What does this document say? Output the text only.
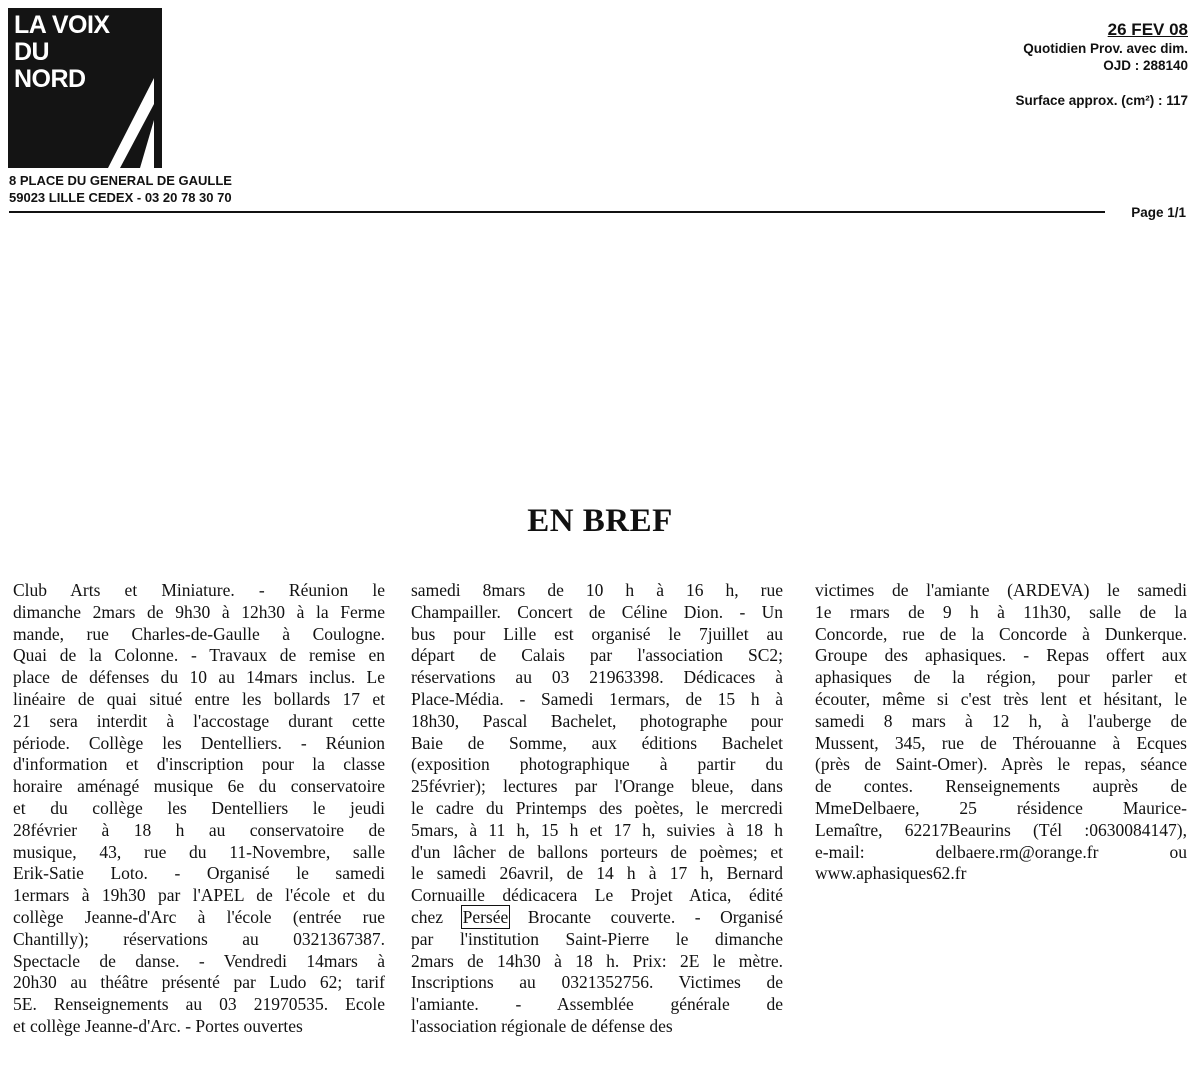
LA VOIX
DU
NORD
8 PLACE DU GENERAL DE GAULLE
59023 LILLE CEDEX - 03 20 78 30 70
26 FEV 08
Quotidien Prov. avec dim.
OJD : 288140
Surface approx. (cm²) : 117
Page 1/1
EN BREF

Club Arts et Miniature. - Réunion le

dimanche 2mars de 9h30 à 12h30 à la Ferme

mande, rue Charles-de-Gaulle à Coulogne.

Quai de la Colonne. - Travaux de remise en

place de défenses du 10 au 14mars inclus. Le

linéaire de quai situé entre les bollards 17 et

21 sera interdit à l'accostage durant cette

période. Collège les Dentelliers. - Réunion

d'information et d'inscription pour la classe

horaire aménagé musique 6e du conservatoire

et du collège les Dentelliers le jeudi

28février à 18 h au conservatoire de

musique, 43, rue du 11-Novembre, salle

Erik-Satie Loto. - Organisé le samedi

1ermars à 19h30 par l'APEL de l'école et du

collège Jeanne-d'Arc à l'école (entrée rue

Chantilly); réservations au 0321367387.

Spectacle de danse. - Vendredi 14mars à

20h30 au théâtre présenté par Ludo 62; tarif

5E. Renseignements au 03 21970535. Ecole

et collège Jeanne-d'Arc. - Portes ouvertes

samedi 8mars de 10 h à 16 h, rue

Champailler. Concert de Céline Dion. - Un

bus pour Lille est organisé le 7juillet au

départ de Calais par l'association SC2;

réservations au 03 21963398. Dédicaces à

Place-Média. - Samedi 1ermars, de 15 h à

18h30, Pascal Bachelet, photographe pour

Baie de Somme, aux éditions Bachelet

(exposition photographique à partir du

25février); lectures par l'Orange bleue, dans

le cadre du Printemps des poètes, le mercredi

5mars, à 11 h, 15 h et 17 h, suivies à 18 h

d'un lâcher de ballons porteurs de poèmes; et

le samedi 26avril, de 14 h à 17 h, Bernard

Cornuaille dédicacera Le Projet Atica, édité

chez Persée Brocante couverte. - Organisé

par l'institution Saint-Pierre le dimanche

2mars de 14h30 à 18 h. Prix: 2E le mètre.

Inscriptions au 0321352756. Victimes de

l'amiante. - Assemblée générale de

l'association régionale de défense des

victimes de l'amiante (ARDEVA) le samedi

1e rmars de 9 h à 11h30, salle de la

Concorde, rue de la Concorde à Dunkerque.

Groupe des aphasiques. - Repas offert aux

aphasiques de la région, pour parler et

écouter, même si c'est très lent et hésitant, le

samedi 8 mars à 12 h, à l'auberge de

Mussent, 345, rue de Thérouanne à Ecques

(près de Saint-Omer). Après le repas, séance

de contes. Renseignements auprès de

MmeDelbaere, 25 résidence Maurice-

Lemaître, 62217Beaurins (Tél :0630084147),

e-mail: delbaere.rm@orange.fr ou

www.aphasiques62.fr
